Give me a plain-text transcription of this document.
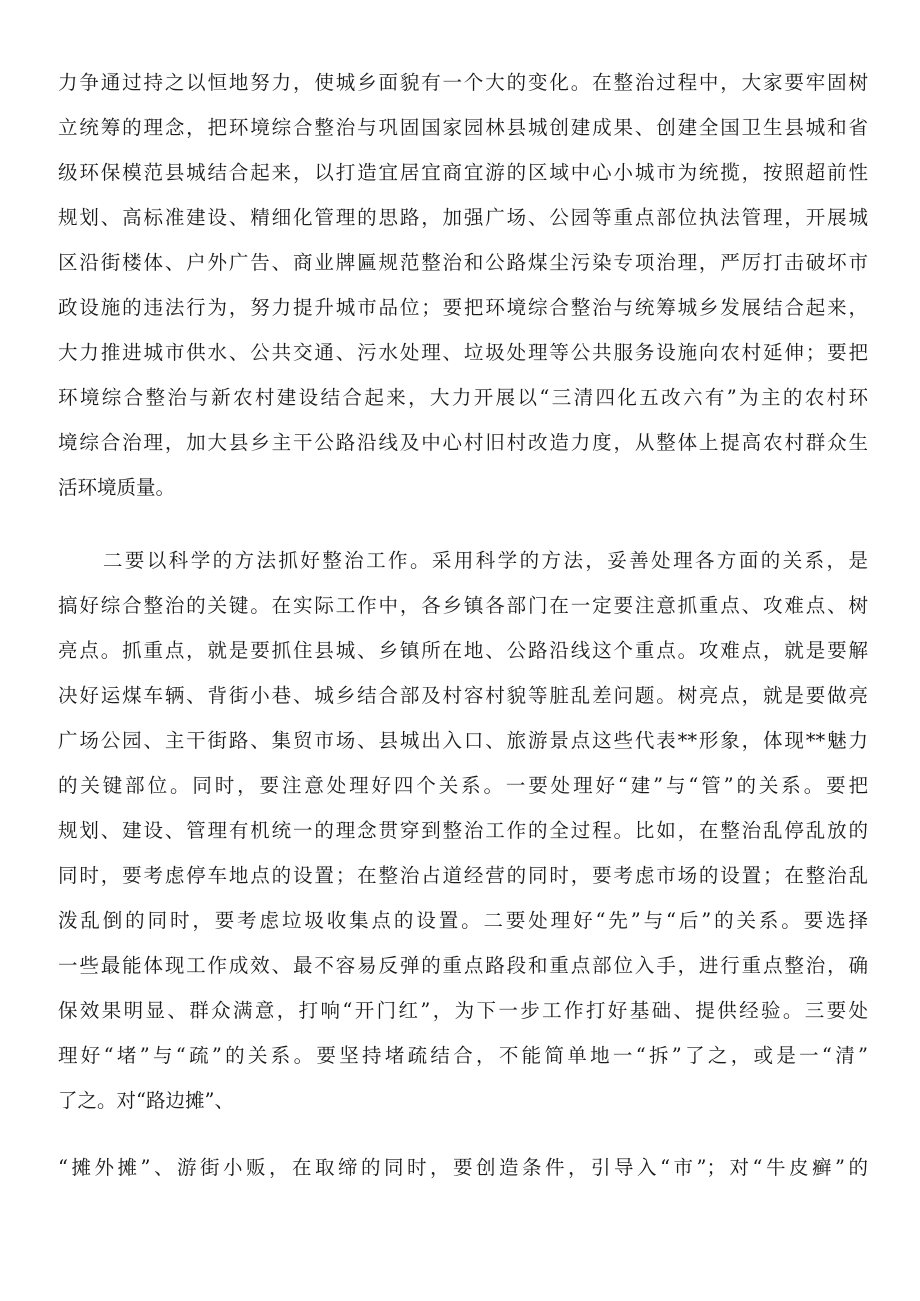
力争通过持之以恒地努力，使城乡面貌有一个大的变化。在整治过程中，大家要牢固树
立统筹的理念，把环境综合整治与巩固国家园林县城创建成果、创建全国卫生县城和省
级环保模范县城结合起来，以打造宜居宜商宜游的区域中心小城市为统揽，按照超前性
规划、高标准建设、精细化管理的思路，加强广场、公园等重点部位执法管理，开展城
区沿街楼体、户外广告、商业牌匾规范整治和公路煤尘污染专项治理，严厉打击破坏市
政设施的违法行为，努力提升城市品位；要把环境综合整治与统筹城乡发展结合起来，
大力推进城市供水、公共交通、污水处理、垃圾处理等公共服务设施向农村延伸；要把
环境综合整治与新农村建设结合起来，大力开展以“三清四化五改六有”为主的农村环
境综合治理，加大县乡主干公路沿线及中心村旧村改造力度，从整体上提高农村群众生
活环境质量。
二要以科学的方法抓好整治工作。采用科学的方法，妥善处理各方面的关系，是
搞好综合整治的关键。在实际工作中，各乡镇各部门在一定要注意抓重点、攻难点、树
亮点。抓重点，就是要抓住县城、乡镇所在地、公路沿线这个重点。攻难点，就是要解
决好运煤车辆、背街小巷、城乡结合部及村容村貌等脏乱差问题。树亮点，就是要做亮
广场公园、主干街路、集贸市场、县城出入口、旅游景点这些代表**形象，体现**魅力
的关键部位。同时，要注意处理好四个关系。一要处理好“建”与“管”的关系。要把
规划、建设、管理有机统一的理念贯穿到整治工作的全过程。比如，在整治乱停乱放的
同时，要考虑停车地点的设置；在整治占道经营的同时，要考虑市场的设置；在整治乱
泼乱倒的同时，要考虑垃圾收集点的设置。二要处理好“先”与“后”的关系。要选择
一些最能体现工作成效、最不容易反弹的重点路段和重点部位入手，进行重点整治，确
保效果明显、群众满意，打响“开门红”，为下一步工作打好基础、提供经验。三要处
理好“堵”与“疏”的关系。要坚持堵疏结合，不能简单地一“拆”了之，或是一“清”
了之。对“路边摊”、
“摊外摊”、游街小贩，在取缔的同时，要创造条件，引导入“市”；对“牛皮癣”的
